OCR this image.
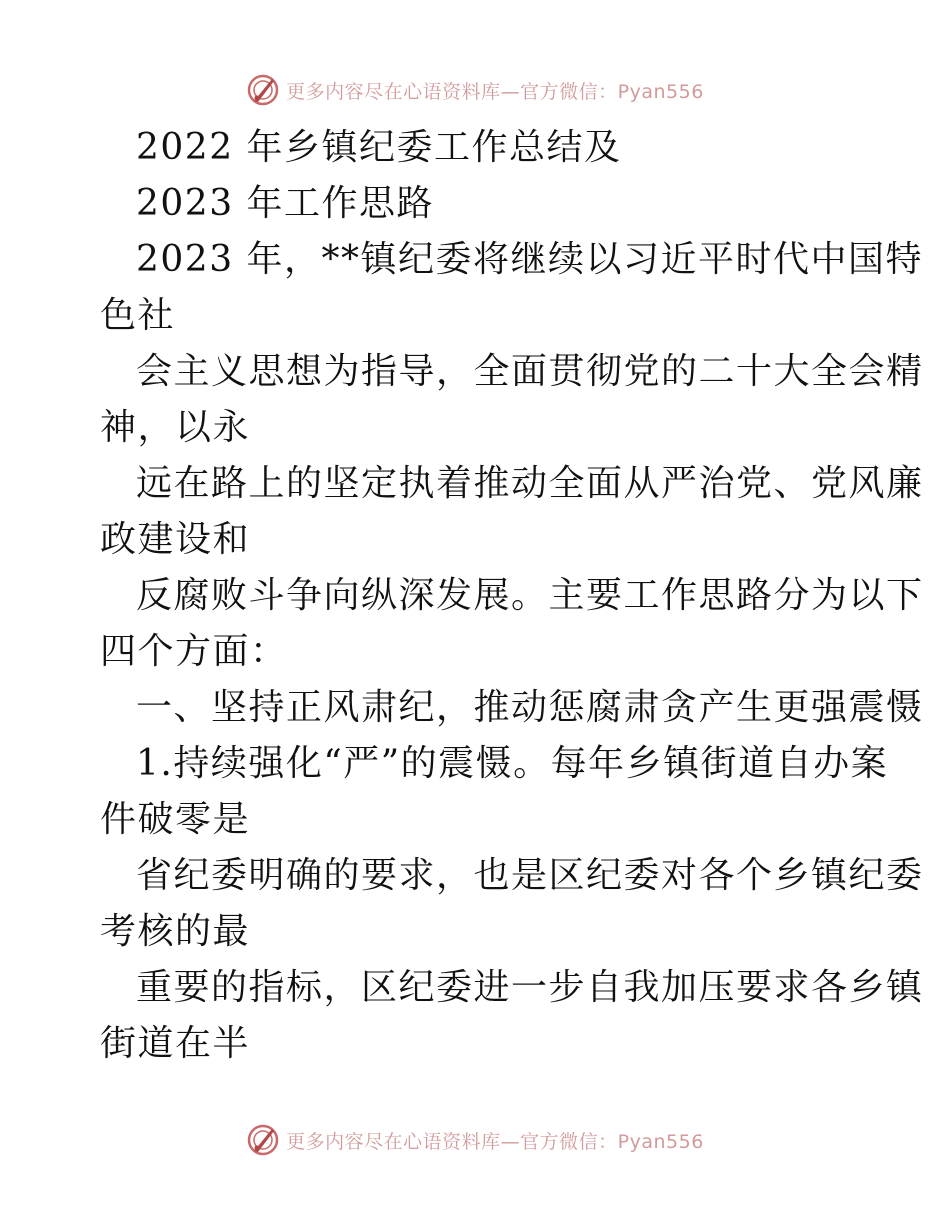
更多内容尽在心语资料库—官方微信：Pyan556
2022 年乡镇纪委工作总结及
2023 年工作思路
2023 年，**镇纪委将继续以习近平时代中国特
色社
会主义思想为指导，全面贯彻党的二十大全会精
神，以永
远在路上的坚定执着推动全面从严治党、党风廉
政建设和
反腐败斗争向纵深发展。主要工作思路分为以下
四个方面：
一、坚持正风肃纪，推动惩腐肃贪产生更强震慑
1.持续强化“严”的震慑。每年乡镇街道自办案
件破零是
省纪委明确的要求，也是区纪委对各个乡镇纪委
考核的最
重要的指标，区纪委进一步自我加压要求各乡镇
街道在半
更多内容尽在心语资料库—官方微信：Pyan556
